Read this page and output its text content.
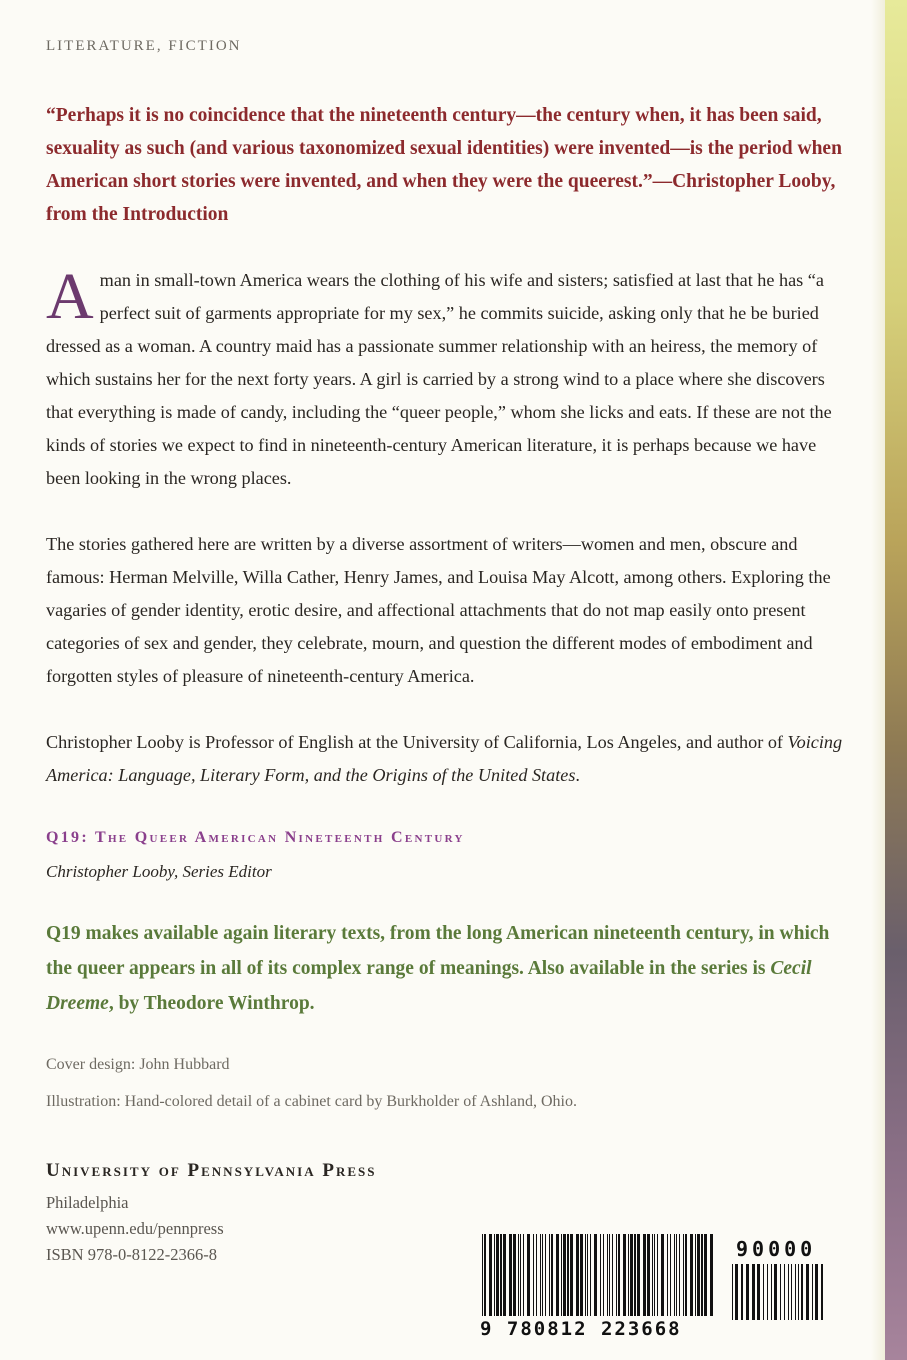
LITERATURE, FICTION
“Perhaps it is no coincidence that the nineteenth century—the century when, it has been said, sexuality as such (and various taxonomized sexual identities) were invented—is the period when American short stories were invented, and when they were the queerest.”—Christopher Looby, from the Introduction
A man in small-town America wears the clothing of his wife and sisters; satisfied at last that he has “a perfect suit of garments appropriate for my sex,” he commits suicide, asking only that he be buried dressed as a woman. A country maid has a passionate summer relationship with an heiress, the memory of which sustains her for the next forty years. A girl is carried by a strong wind to a place where she discovers that everything is made of candy, including the “queer people,” whom she licks and eats. If these are not the kinds of stories we expect to find in nineteenth-century American literature, it is perhaps because we have been looking in the wrong places.
The stories gathered here are written by a diverse assortment of writers—women and men, obscure and famous: Herman Melville, Willa Cather, Henry James, and Louisa May Alcott, among others. Exploring the vagaries of gender identity, erotic desire, and affectional attachments that do not map easily onto present categories of sex and gender, they celebrate, mourn, and question the different modes of embodiment and forgotten styles of pleasure of nineteenth-century America.
Christopher Looby is Professor of English at the University of California, Los Angeles, and author of Voicing America: Language, Literary Form, and the Origins of the United States.
Q19: The Queer American Nineteenth Century
Christopher Looby, Series Editor
Q19 makes available again literary texts, from the long American nineteenth century, in which the queer appears in all of its complex range of meanings. Also available in the series is Cecil Dreeme, by Theodore Winthrop.
Cover design: John Hubbard
Illustration: Hand-colored detail of a cabinet card by Burkholder of Ashland, Ohio.
University of Pennsylvania Press
Philadelphia
www.upenn.edu/pennpress
ISBN 978-0-8122-2366-8	90000
9 780812 223668
